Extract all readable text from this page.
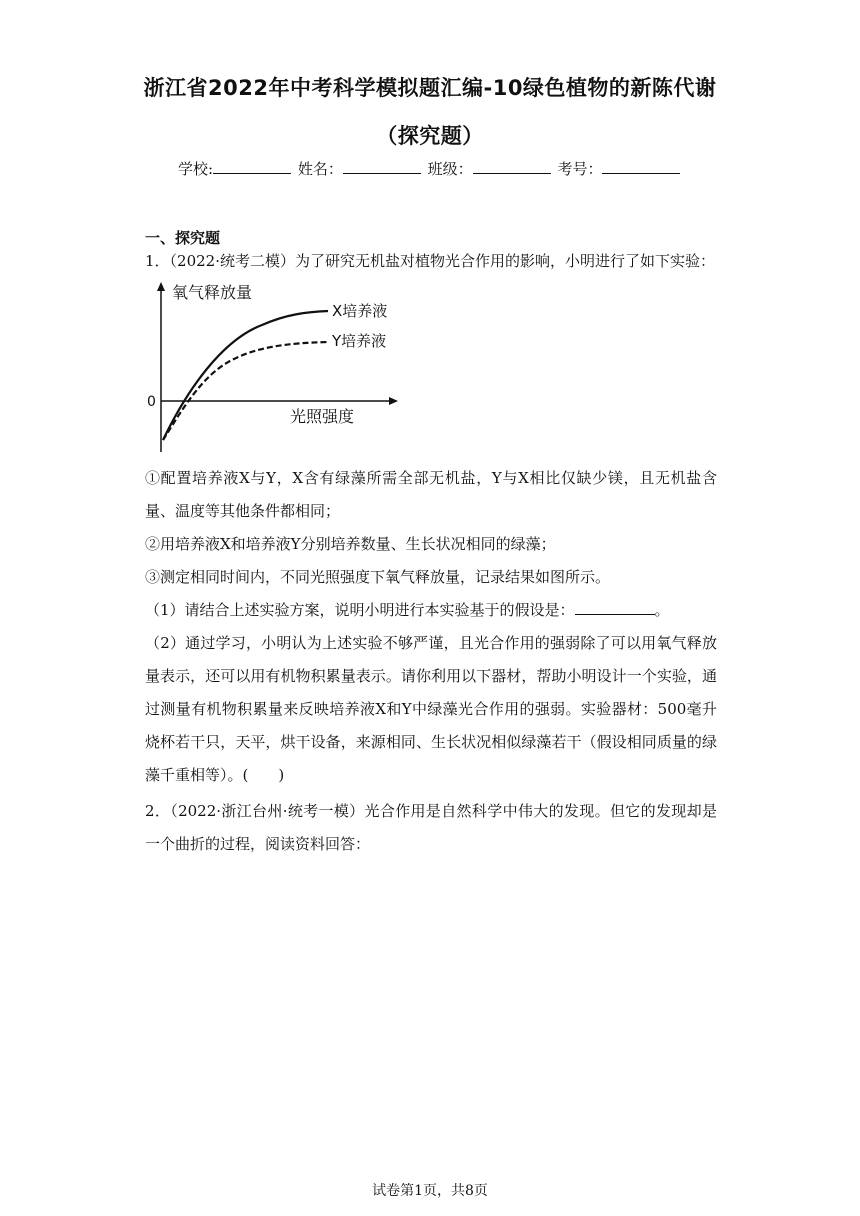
浙江省2022年中考科学模拟题汇编-10绿色植物的新陈代谢
（探究题）
学校:	姓名：	班级：	考号：
一、探究题
1．（2022·统考二模）为了研究无机盐对植物光合作用的影响，小明进行了如下实验：
氧气释放量
光照强度
0
X培养液
Y培养液
①配置培养液X与Y，X含有绿藻所需全部无机盐，Y与X相比仅缺少镁，且无机盐含量、温度等其他条件都相同；
②用培养液X和培养液Y分别培养数量、生长状况相同的绿藻；
③测定相同时间内，不同光照强度下氧气释放量，记录结果如图所示。
（1）请结合上述实验方案，说明小明进行本实验基于的假设是：	。
（2）通过学习，小明认为上述实验不够严谨，且光合作用的强弱除了可以用氧气释放量表示，还可以用有机物积累量表示。请你利用以下器材，帮助小明设计一个实验，通过测量有机物积累量来反映培养液X和Y中绿藻光合作用的强弱。实验器材：500毫升烧杯若干只，天平，烘干设备，来源相同、生长状况相似绿藻若干（假设相同质量的绿藻千重相等）。(　　)
2．（2022·浙江台州·统考一模）光合作用是自然科学中伟大的发现。但它的发现却是一个曲折的过程，阅读资料回答：
试卷第1页，共8页
